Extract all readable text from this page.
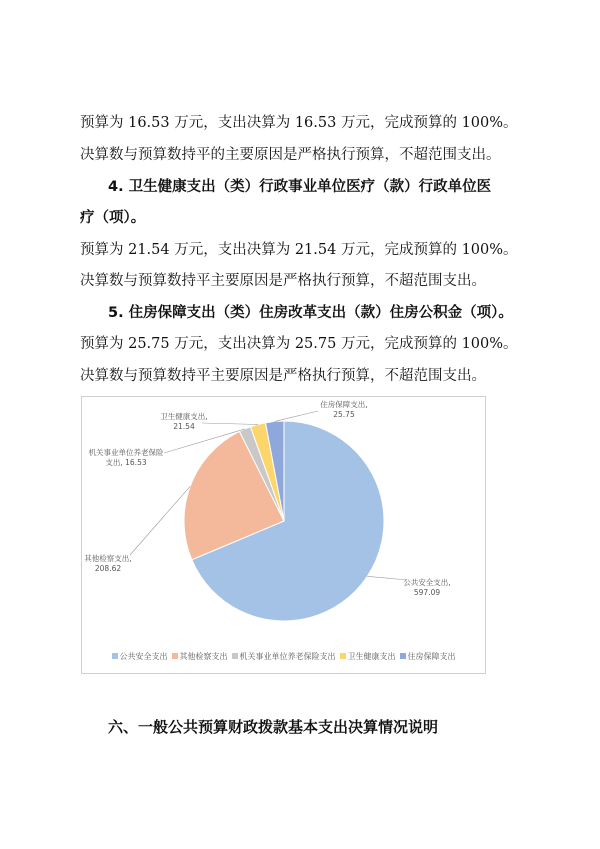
预算为 16.53 万元，支出决算为 16.53 万元，完成预算的 100%。
决算数与预算数持平的主要原因是严格执行预算，不超范围支出。
4. 卫生健康支出（类）行政事业单位医疗（款）行政单位医
疗（项）。
预算为 21.54 万元，支出决算为 21.54 万元，完成预算的 100%。
决算数与预算数持平主要原因是严格执行预算，不超范围支出。
5. 住房保障支出（类）住房改革支出（款）住房公积金（项）。
预算为 25.75 万元，支出决算为 25.75 万元，完成预算的 100%。
决算数与预算数持平主要原因是严格执行预算，不超范围支出。
公共安全支出,
597.09
其他检察支出,
208.62
机关事业单位养老保险
支出, 16.53
卫生健康支出,
21.54
住房保障支出,
25.75
公共安全支出 其他检察支出 机关事业单位养老保险支出 卫生健康支出 住房保障支出
六、一般公共预算财政拨款基本支出决算情况说明
